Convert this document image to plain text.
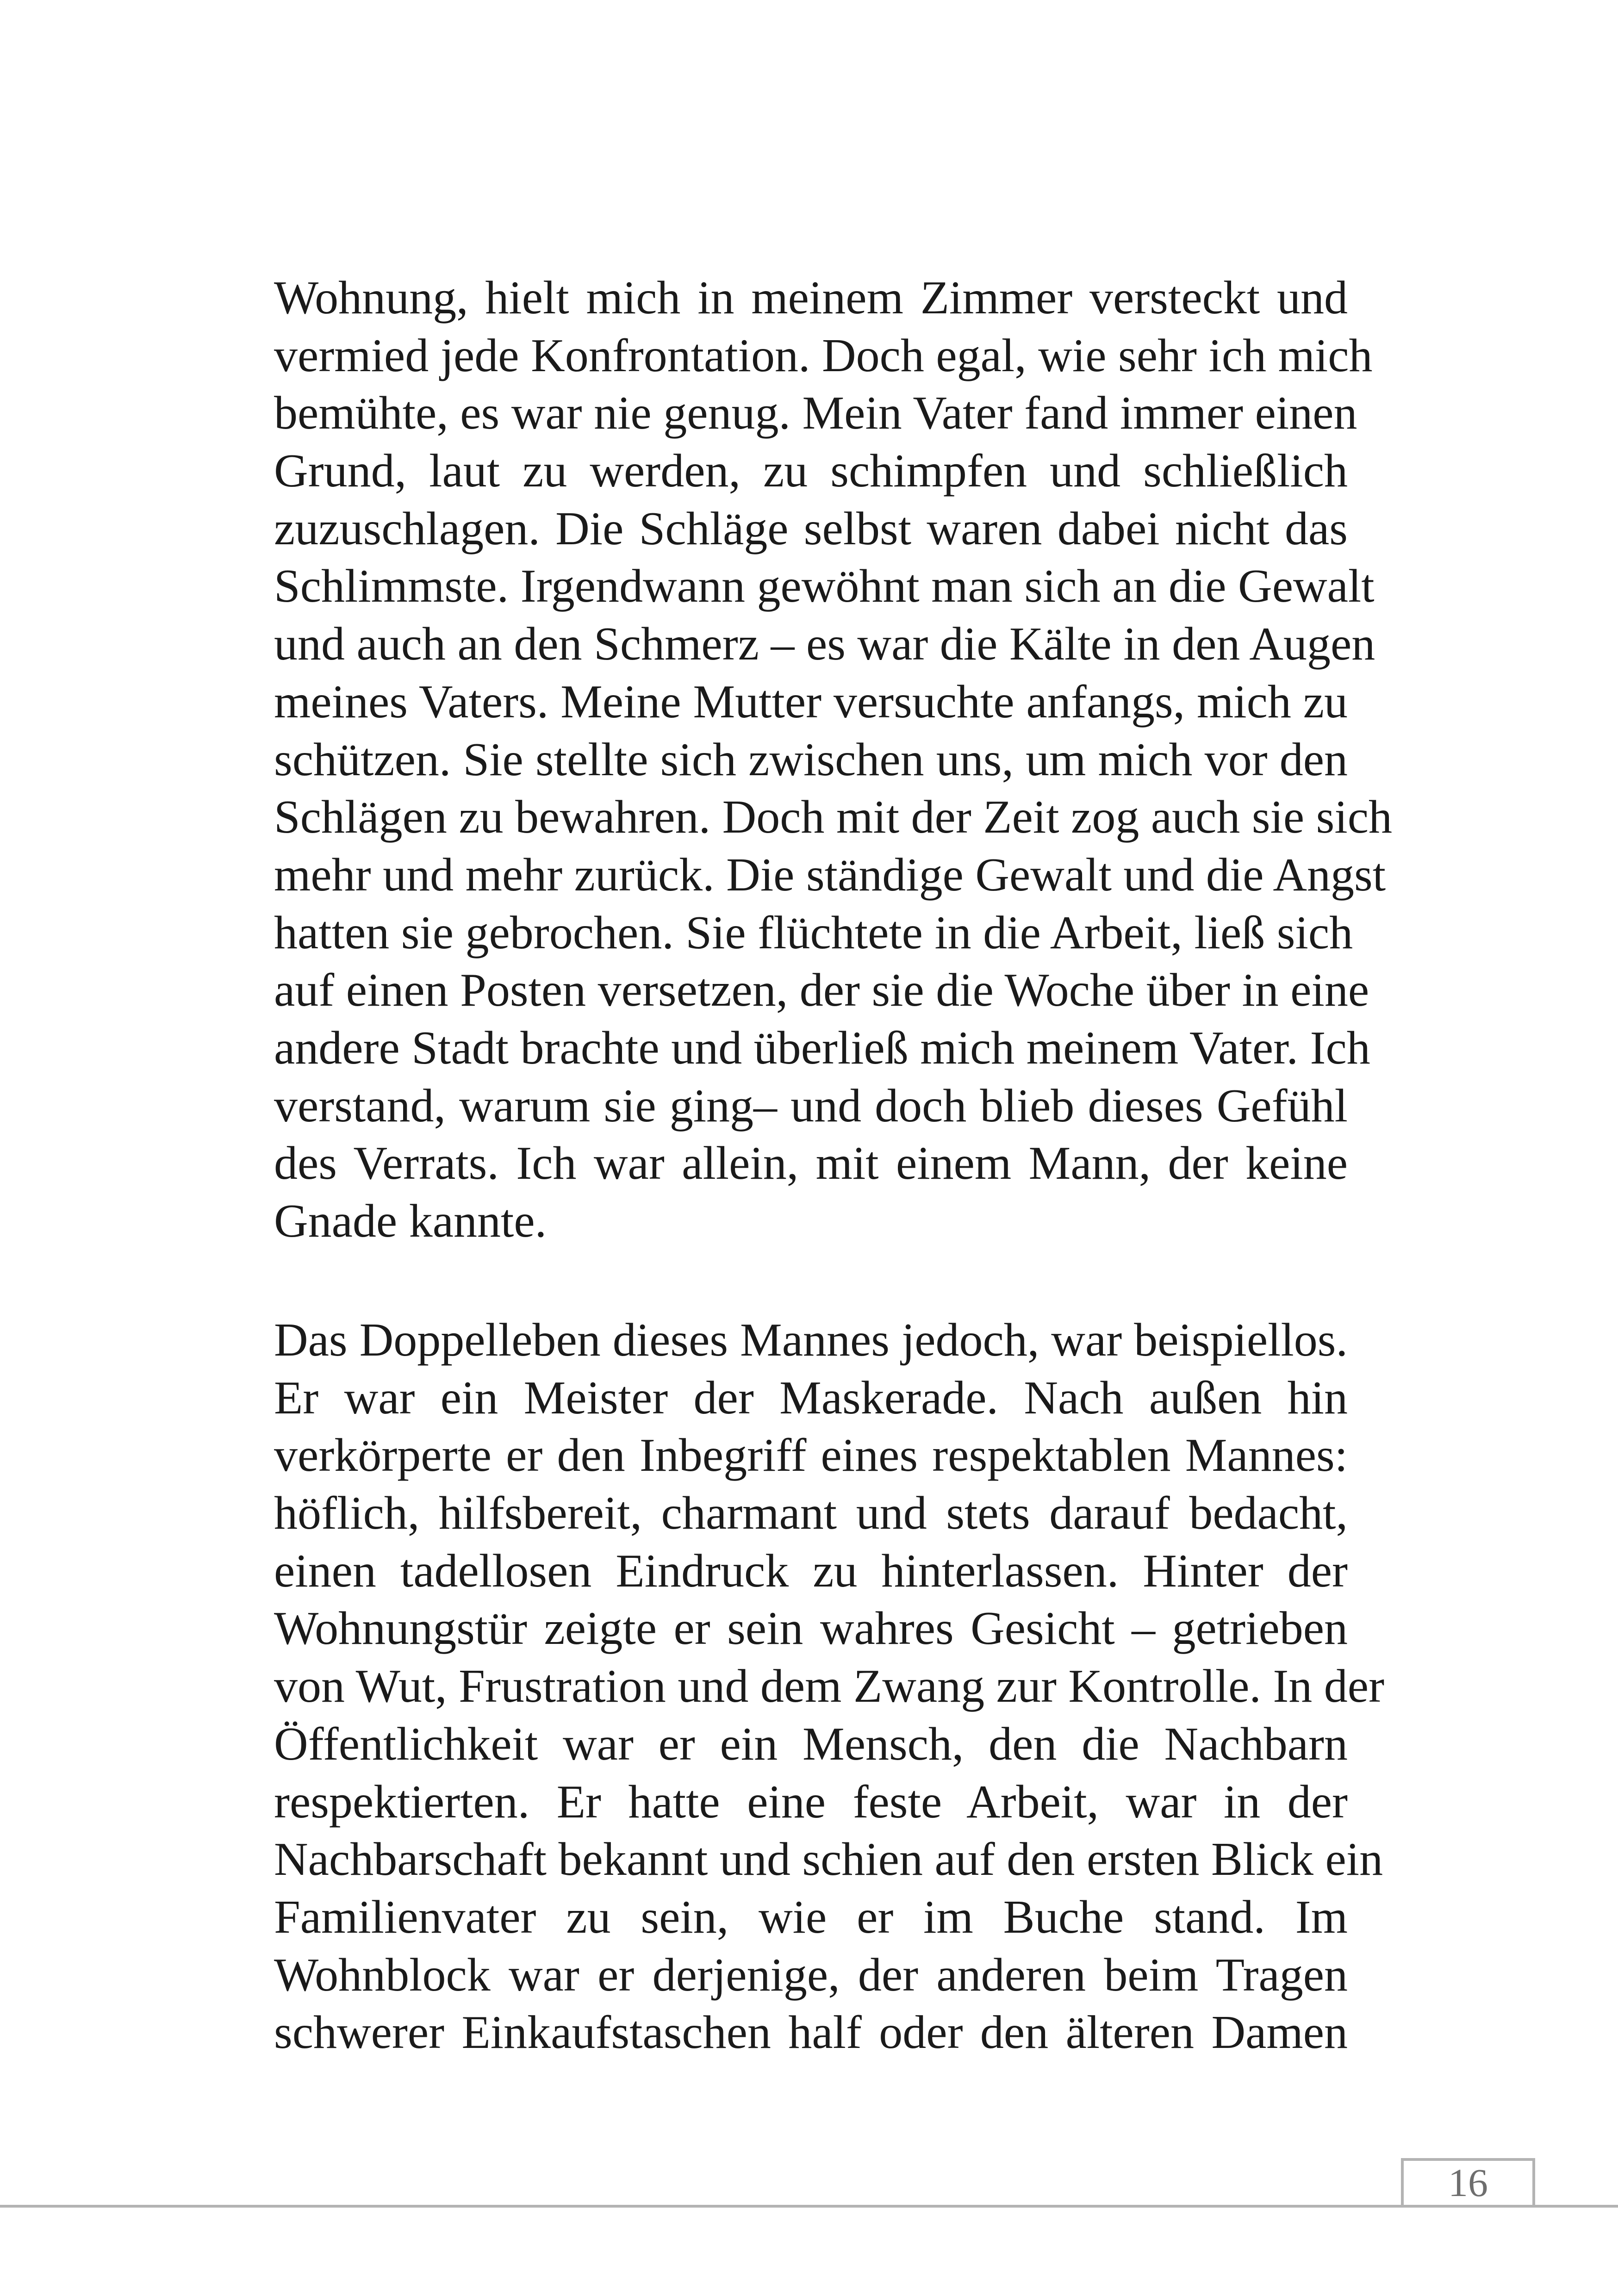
Wohnung, hielt mich in meinem Zimmer versteckt und
vermied jede Konfrontation. Doch egal, wie sehr ich mich
bemühte, es war nie genug. Mein Vater fand immer einen
Grund, laut zu werden, zu schimpfen und schließlich
zuzuschlagen. Die Schläge selbst waren dabei nicht das
Schlimmste. Irgendwann gewöhnt man sich an die Gewalt
und auch an den Schmerz – es war die Kälte in den Augen
meines Vaters. Meine Mutter versuchte anfangs, mich zu
schützen. Sie stellte sich zwischen uns, um mich vor den
Schlägen zu bewahren. Doch mit der Zeit zog auch sie sich
mehr und mehr zurück. Die ständige Gewalt und die Angst
hatten sie gebrochen. Sie flüchtete in die Arbeit, ließ sich
auf einen Posten versetzen, der sie die Woche über in eine
andere Stadt brachte und überließ mich meinem Vater. Ich
verstand, warum sie ging– und doch blieb dieses Gefühl
des Verrats. Ich war allein, mit einem Mann, der keine
Gnade kannte.
Das Doppelleben dieses Mannes jedoch, war beispiellos.
Er war ein Meister der Maskerade. Nach außen hin
verkörperte er den Inbegriff eines respektablen Mannes:
höflich, hilfsbereit, charmant und stets darauf bedacht,
einen tadellosen Eindruck zu hinterlassen. Hinter der
Wohnungstür zeigte er sein wahres Gesicht – getrieben
von Wut, Frustration und dem Zwang zur Kontrolle. In der
Öffentlichkeit war er ein Mensch, den die Nachbarn
respektierten. Er hatte eine feste Arbeit, war in der
Nachbarschaft bekannt und schien auf den ersten Blick ein
Familienvater zu sein, wie er im Buche stand. Im
Wohnblock war er derjenige, der anderen beim Tragen
schwerer Einkaufstaschen half oder den älteren Damen
16
